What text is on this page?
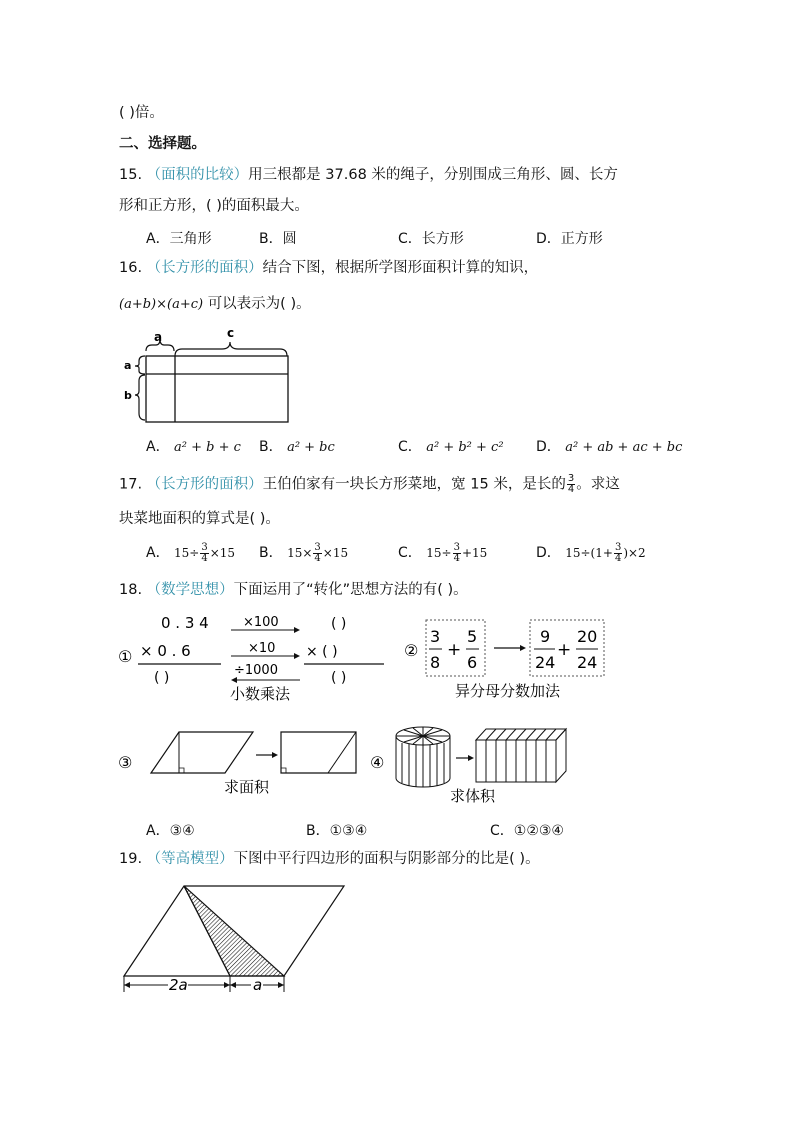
( )倍。
二、选择题。
15. （面积的比较）用三根都是 37.68 米的绳子，分别围成三角形、圆、长方
形和正方形，( )的面积最大。
A．三角形	B．圆	C．长方形	D．正方形
16. （长方形的面积）结合下图，根据所学图形面积计算的知识，
(a+b)×(a+c) 可以表示为( )。
a	c
a
b
A． a² + b + c B． a² + bc	C． a² + b² + c² D． a² + ab + ac + bc
17. （长方形的面积）王伯伯家有一块长方形菜地，宽 15 米，是长的 $\frac{3}{4}$ 。求这
块菜地面积的算式是( )。
A． $15\div \frac{3}{4} \times 15$ B． $15\times \frac{3}{4} \times 15$	C． $15\div \frac{3}{4} +15$	D． $15\div(1+ \frac{3}{4} )\times 2$
18. （数学思想）下面运用了“转化”思想方法的有( )。
①
0 . 3 4
× 0 . 6
( )
×100
×10
÷1000
( )
× ( )
( )
小数乘法
②
3
8
+
5
6
9
24
+
20
24
异分母分数加法
③
求面积
④
求体积
A．③④	B．①③④	C．①②③④
19. （等高模型）下图中平行四边形的面积与阴影部分的比是( )。
2a	a
